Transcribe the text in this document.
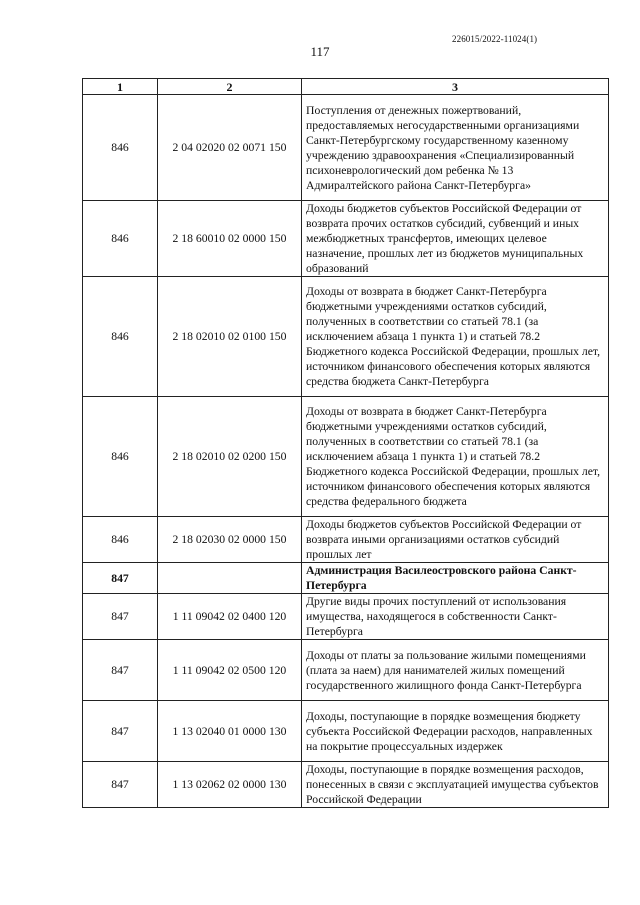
226015/2022-11024(1)
117
1	2	3
846	2 04 02020 02 0071 150	Поступления от денежных пожертвований, предоставляемых негосударственными организациями Санкт-Петербургскому государственному казенному учреждению здравоохранения «Специализированный психоневрологический дом ребенка № 13 Адмиралтейского района Санкт-Петербурга»
846	2 18 60010 02 0000 150	Доходы бюджетов субъектов Российской Федерации от возврата прочих остатков субсидий, субвенций и иных межбюджетных трансфертов, имеющих целевое назначение, прошлых лет из бюджетов муниципальных образований
846	2 18 02010 02 0100 150	Доходы от возврата в бюджет Санкт-Петербурга бюджетными учреждениями остатков субсидий, полученных в соответствии со статьей 78.1 (за исключением абзаца 1 пункта 1) и статьей 78.2 Бюджетного кодекса Российской Федерации, прошлых лет, источником финансового обеспечения которых являются средства бюджета Санкт-Петербурга
846	2 18 02010 02 0200 150	Доходы от возврата в бюджет Санкт-Петербурга бюджетными учреждениями остатков субсидий, полученных в соответствии со статьей 78.1 (за исключением абзаца 1 пункта 1) и статьей 78.2 Бюджетного кодекса Российской Федерации, прошлых лет, источником финансового обеспечения которых являются средства федерального бюджета
846	2 18 02030 02 0000 150	Доходы бюджетов субъектов Российской Федерации от возврата иными организациями остатков субсидий прошлых лет
847		Администрация Василеостровского района Санкт-Петербурга
847	1 11 09042 02 0400 120	Другие виды прочих поступлений от использования имущества, находящегося в собственности Санкт-Петербурга
847	1 11 09042 02 0500 120	Доходы от платы за пользование жилыми помещениями (плата за наем) для нанимателей жилых помещений государственного жилищного фонда Санкт-Петербурга
847	1 13 02040 01 0000 130	Доходы, поступающие в порядке возмещения бюджету субъекта Российской Федерации расходов, направленных на покрытие процессуальных издержек
847	1 13 02062 02 0000 130	Доходы, поступающие в порядке возмещения расходов, понесенных в связи с эксплуатацией имущества субъектов Российской Федерации
